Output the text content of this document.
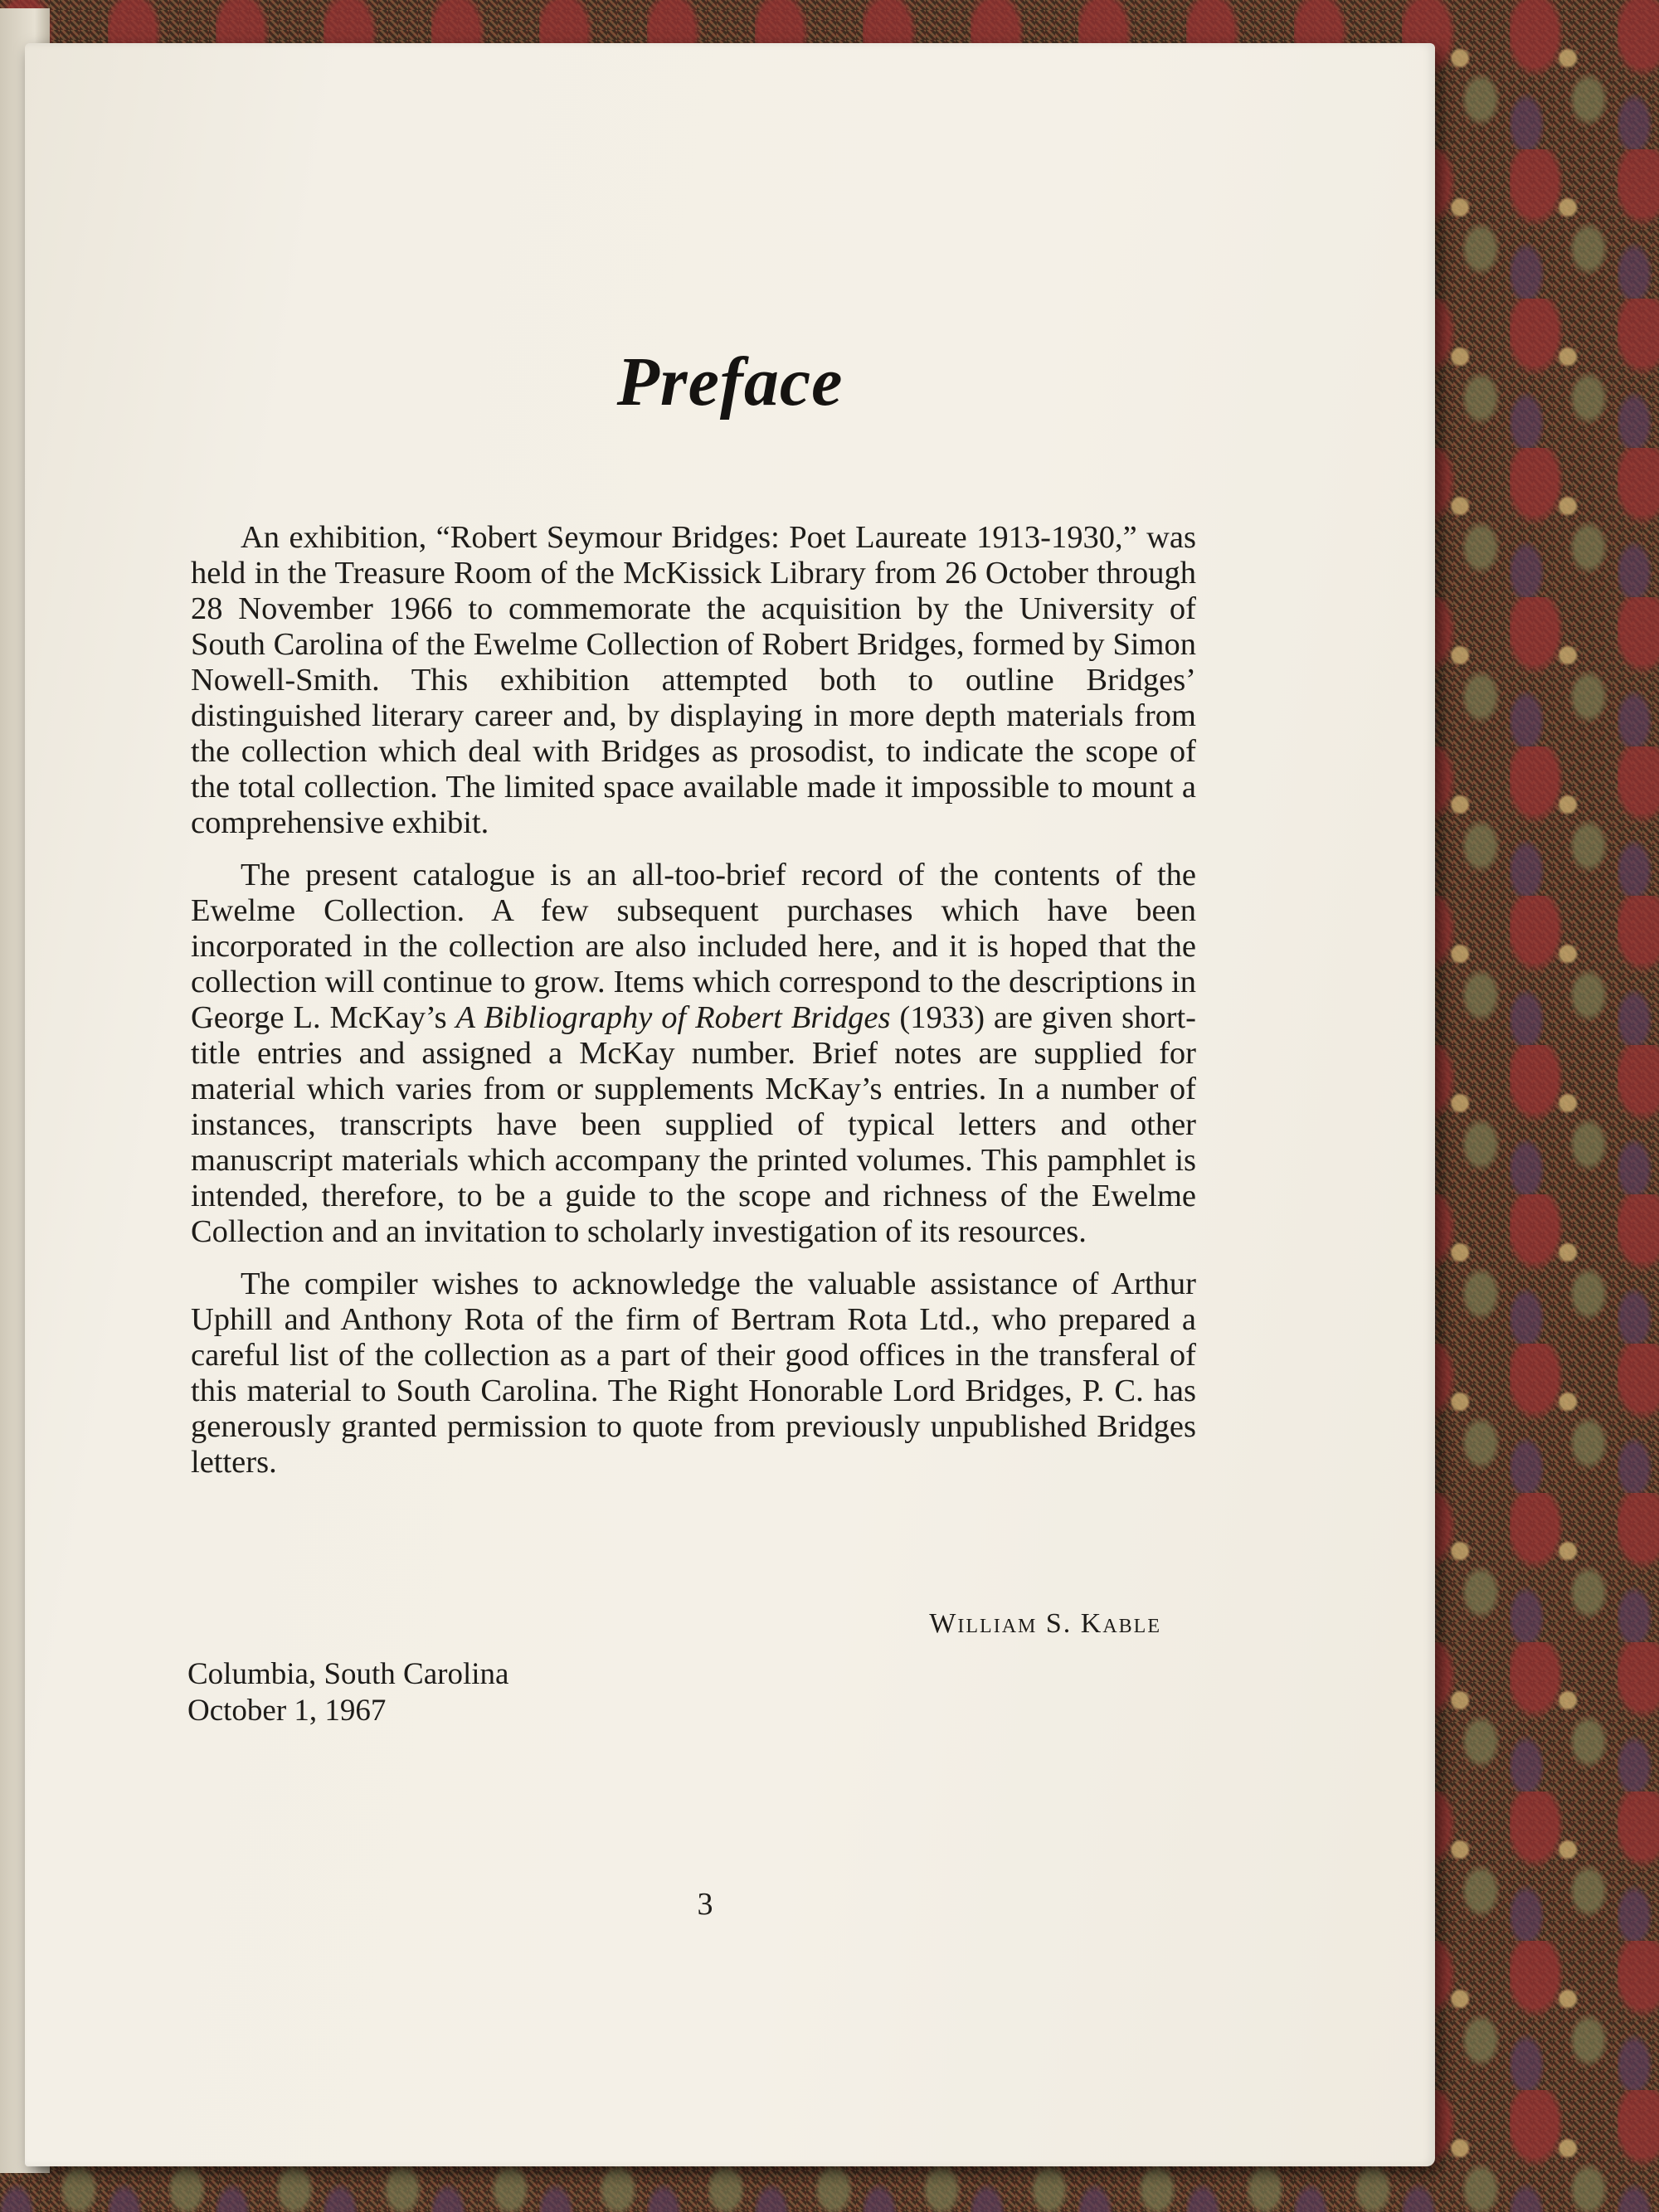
Preface

An exhibition, “Robert Seymour Bridges: Poet Laureate 1913-1930,” was held in the Treasure Room of the McKissick Library from 26 October through 28 November 1966 to commemorate the acquisition by the University of South Carolina of the Ewelme Collection of Robert Bridges, formed by Simon Nowell-Smith. This exhibition attempted both to outline Bridges’ distinguished literary career and, by displaying in more depth materials from the collection which deal with Bridges as prosodist, to indicate the scope of the total collection. The limited space available made it impossible to mount a comprehensive exhibit.

The present catalogue is an all-too-brief record of the contents of the Ewelme Collection. A few subsequent purchases which have been incorporated in the collection are also included here, and it is hoped that the collection will continue to grow. Items which correspond to the descriptions in George L. McKay’s A Bibliography of Robert Bridges (1933) are given short-title entries and assigned a McKay number. Brief notes are supplied for material which varies from or supplements McKay’s entries. In a number of instances, transcripts have been supplied of typical letters and other manuscript materials which accompany the printed volumes. This pamphlet is intended, therefore, to be a guide to the scope and richness of the Ewelme Collection and an invitation to scholarly investigation of its resources.

The compiler wishes to acknowledge the valuable assistance of Arthur Uphill and Anthony Rota of the firm of Bertram Rota Ltd., who prepared a careful list of the collection as a part of their good offices in the transferal of this material to South Carolina. The Right Honorable Lord Bridges, P. C. has generously granted permission to quote from previously unpublished Bridges letters.

William S. Kable
Columbia, South Carolina
October 1, 1967
3
